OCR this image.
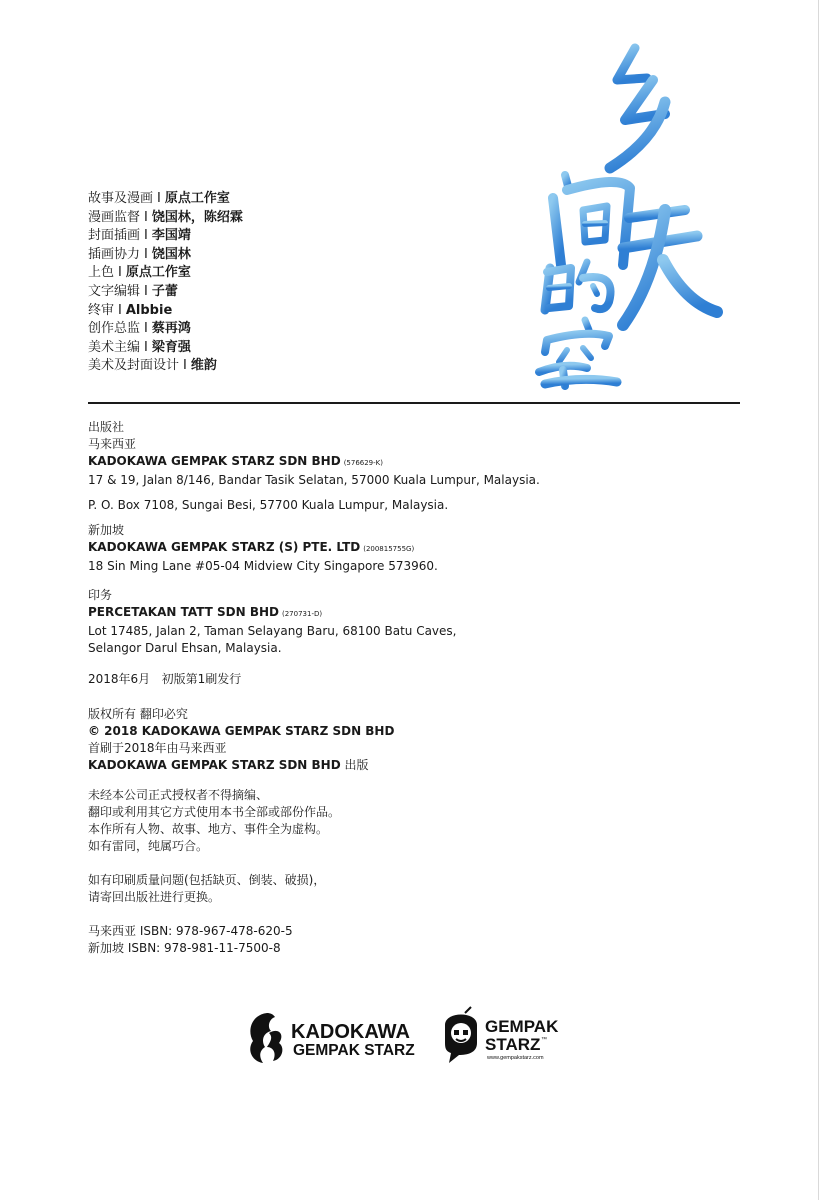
故事及漫画 I 原点工作室
漫画监督 I 饶国林，陈绍霖
封面插画 I 李国靖
插画协力 I 饶国林
上色 I 原点工作室
文字编辑 I 子蕾
终审 I Albbie
创作总监 I 蔡再鸿
美术主编 I 梁育强
美术及封面设计 I 维韵
出版社
马来西亚
KADOKAWA GEMPAK STARZ SDN BHD (576629-K)
17 & 19, Jalan 8/146, Bandar Tasik Selatan, 57000 Kuala Lumpur, Malaysia.
P. O. Box 7108, Sungai Besi, 57700 Kuala Lumpur, Malaysia.
新加坡
KADOKAWA GEMPAK STARZ (S) PTE. LTD (200815755G)
18 Sin Ming Lane #05-04 Midview City Singapore 573960.
印务
PERCETAKAN TATT SDN BHD (270731-D)
Lot 17485, Jalan 2, Taman Selayang Baru, 68100 Batu Caves,
Selangor Darul Ehsan, Malaysia.
2018年6月   初版第1刷发行
版权所有 翻印必究
© 2018 KADOKAWA GEMPAK STARZ SDN BHD
首刷于2018年由马来西亚
KADOKAWA GEMPAK STARZ SDN BHD 出版
未经本公司正式授权者不得摘编、
翻印或利用其它方式使用本书全部或部份作品。
本作所有人物、故事、地方、事件全为虚构。
如有雷同，纯属巧合。
如有印刷质量问题(包括缺页、倒装、破损)，
请寄回出版社进行更换。
马来西亚 ISBN: 978-967-478-620-5
新加坡 ISBN: 978-981-11-7500-8
KADOKAWA
GEMPAK STARZ
GEMPAK
STARZ ™
www.gempakstarz.com
